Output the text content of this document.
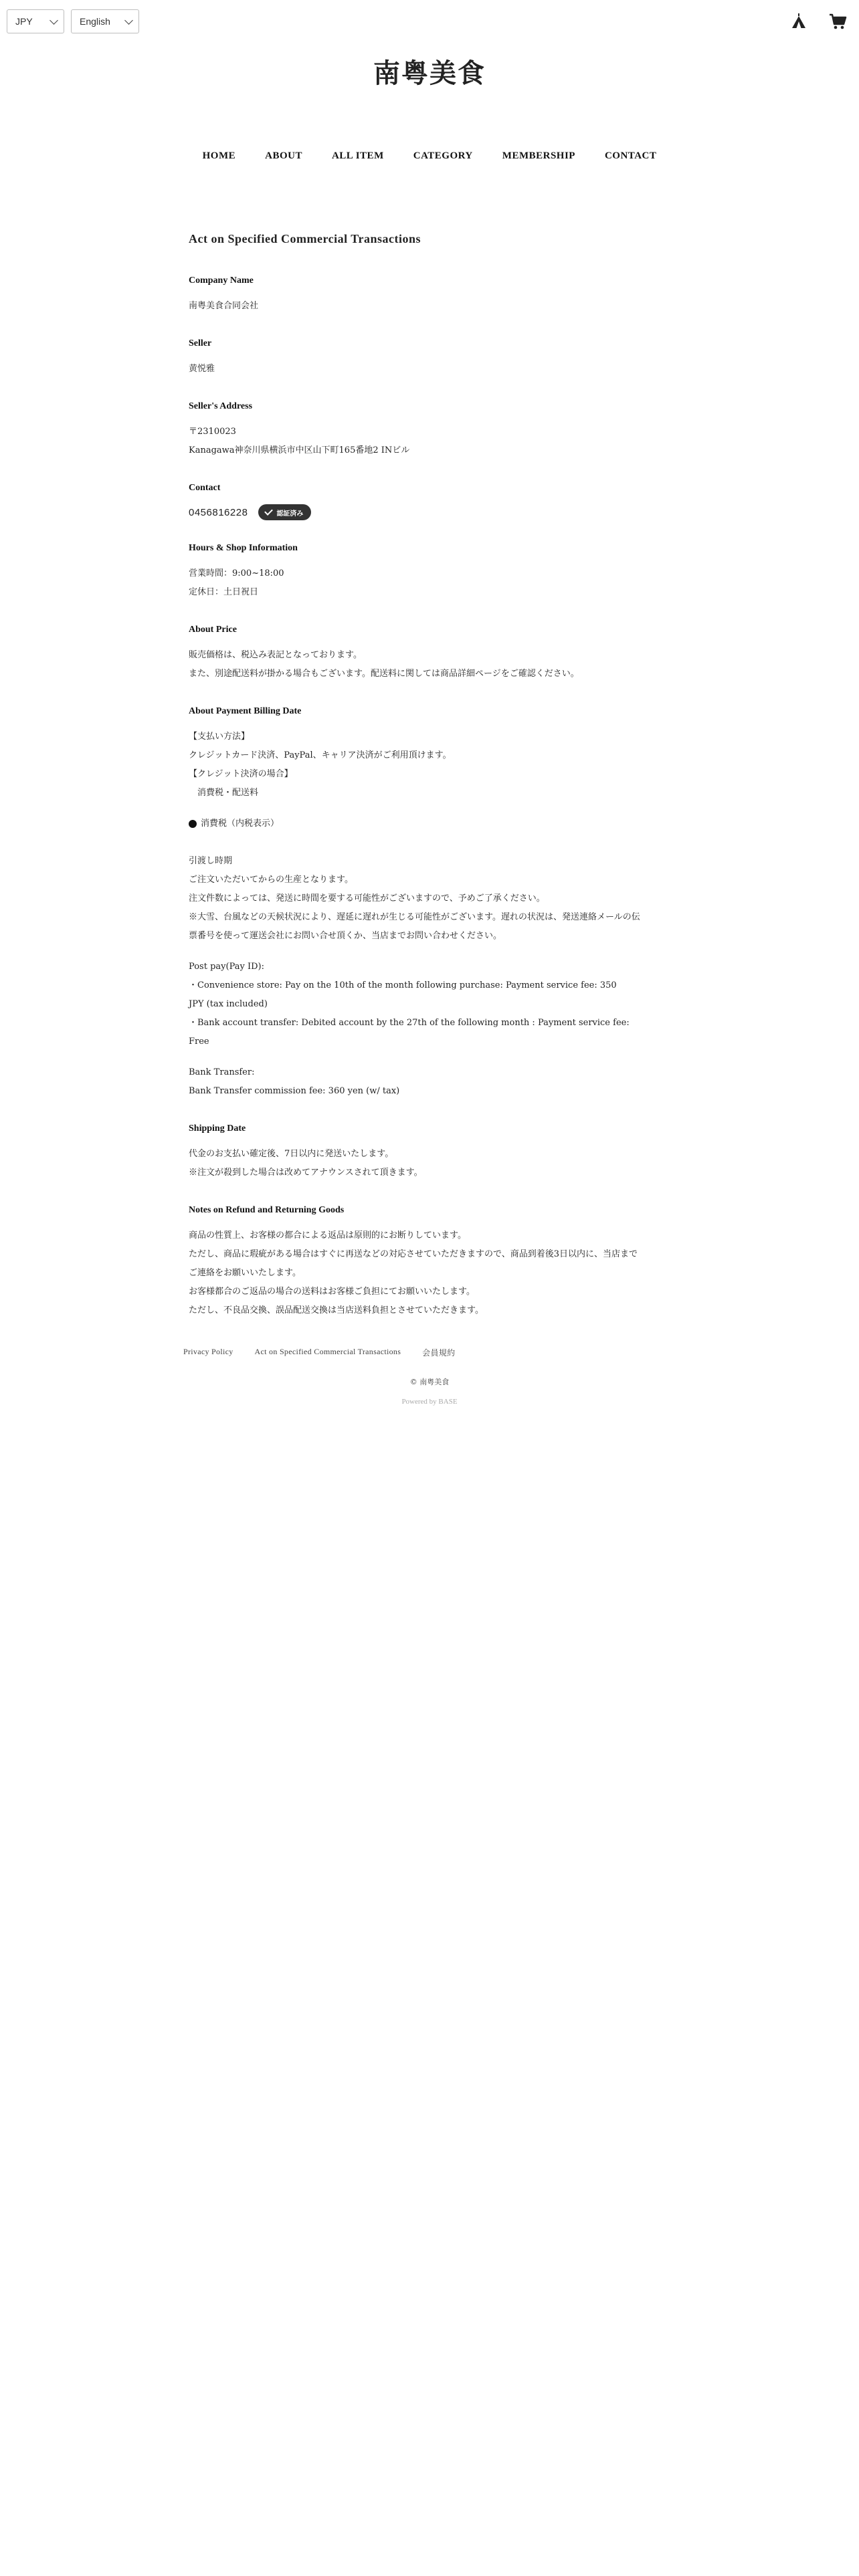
JPY	English
南粤美食
HOME	ABOUT	ALL ITEM	CATEGORY	MEMBERSHIP	CONTACT
Act on Specified Commercial Transactions
Company Name

南粤美食合同会社

Seller

黄悦雅

Seller's Address

〒2310023
Kanagawa神奈川県横浜市中区山下町165番地2 INビル

Contact
0456816228	認証済み
Hours & Shop Information

営業時間：9:00~18:00
定休日：土日祝日

About Price

販売価格は、税込み表記となっております。
また、別途配送料が掛かる場合もございます。配送料に関しては商品詳細ページをご確認ください。

About Payment Billing Date

【支払い方法】
クレジットカード決済、PayPal、キャリア決済がご利用頂けます。
【クレジット決済の場合】
　消費税・配送料

消費税（内税表示）

引渡し時期
ご注文いただいてからの生産となります。
注文件数によっては、発送に時間を要する可能性がございますので、予めご了承ください。
※大雪、台風などの天候状況により、遅延に遅れが生じる可能性がございます。遅れの状況は、発送連絡メールの伝
票番号を使って運送会社にお問い合せ頂くか、当店までお問い合わせください。

Post pay(Pay ID):
・Convenience store: Pay on the 10th of the month following purchase: Payment service fee: 350
JPY (tax included)
・Bank account transfer: Debited account by the 27th of the following month : Payment service fee:
Free

Bank Transfer:
Bank Transfer commission fee: 360 yen (w/ tax)

Shipping Date

代金のお支払い確定後、7日以内に発送いたします。
※注文が殺到した場合は改めてアナウンスされて頂きます。

Notes on Refund and Returning Goods

商品の性質上、お客様の都合による返品は原則的にお断りしています。
ただし、商品に瑕疵がある場合はすぐに再送などの対応させていただきますので、商品到着後3日以内に、当店まで
ご連絡をお願いいたします。
お客様都合のご返品の場合の送料はお客様ご負担にてお願いいたします。
ただし、不良品交換、誤品配送交換は当店送料負担とさせていただきます。

Privacy Policy	Act on Specified Commercial Transactions	会員規約
© 南粤美食
Powered by BASE
